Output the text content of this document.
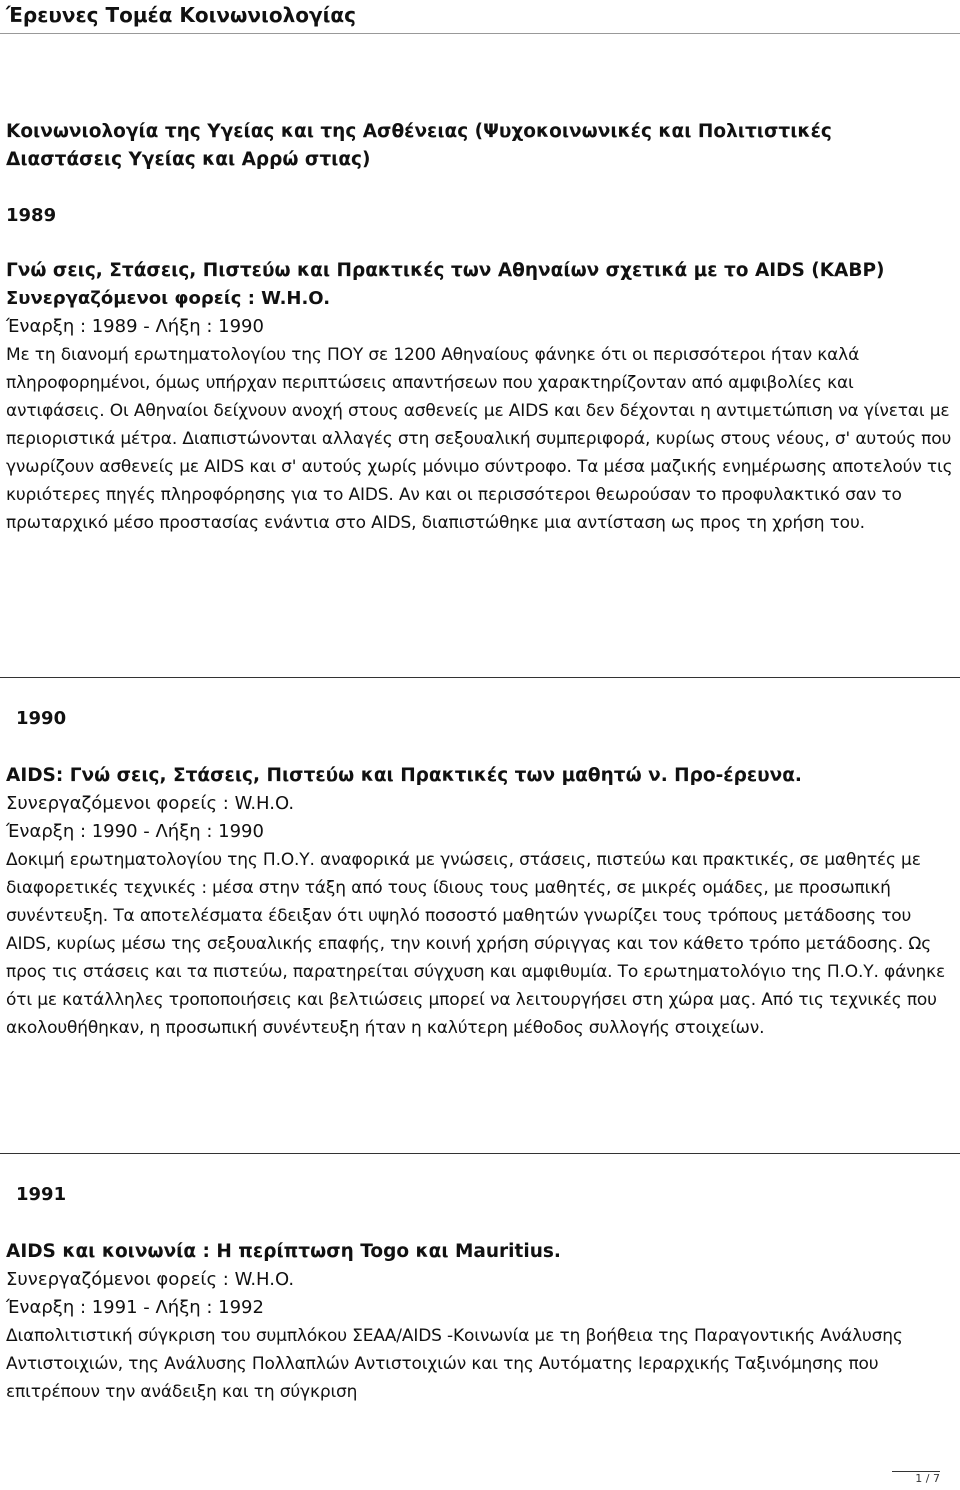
Έρευνες Τομέα Κοινωνιολογίας

Κοινωνιολογία της Υγείας και της Ασθένειας (Ψυχοκοινωνικές και Πολιτιστικές Διαστάσεις Υγείας και Αρρώ στιας)

1989

Γνώ σεις, Στάσεις, Πιστεύω και Πρακτικές των Αθηναίων σχετικά με το AIDS (ΚΑΒΡ)

Συνεργαζόμενοι φορείς : W.H.O.

Έναρξη : 1989 - Λήξη : 1990

Με τη διανομή ερωτηματολογίου της ΠΟΥ σε 1200 Αθηναίους φάνηκε ότι οι περισσότεροι ήταν καλά πληροφορημένοι, όμως υπήρχαν περιπτώσεις απαντήσεων που χαρακτηρίζονταν από αμφιβολίες και αντιφάσεις. Οι Αθηναίοι δείχνουν ανοχή στους ασθενείς με AIDS και δεν δέχονται η αντιμετώπιση να γίνεται με περιοριστικά μέτρα. Διαπιστώνονται αλλαγές στη σεξουαλική συμπεριφορά, κυρίως στους νέους, σ' αυτούς που γνωρίζουν ασθενείς με AIDS και σ' αυτούς χωρίς μόνιμο σύντροφο. Τα μέσα μαζικής ενημέρωσης αποτελούν τις κυριότερες πηγές πληροφόρησης για το AIDS. Αν και οι περισσότεροι θεωρούσαν το προφυλακτικό σαν το πρωταρχικό μέσο προστασίας ενάντια στο AIDS, διαπιστώθηκε μια αντίσταση ως προς τη χρήση του.

1990

AIDS: Γνώ σεις, Στάσεις, Πιστεύω και Πρακτικές των μαθητώ ν. Προ-έρευνα.

Συνεργαζόμενοι φορείς : W.H.O.

Έναρξη : 1990 - Λήξη : 1990

Δοκιμή ερωτηματολογίου της Π.Ο.Υ. αναφορικά με γνώσεις, στάσεις, πιστεύω και πρακτικές, σε μαθητές με διαφορετικές τεχνικές : μέσα στην τάξη από τους ίδιους τους μαθητές, σε μικρές ομάδες, με προσωπική συνέντευξη. Τα αποτελέσματα έδειξαν ότι υψηλό ποσοστό μαθητών γνωρίζει τους τρόπους μετάδοσης του AIDS, κυρίως μέσω της σεξουαλικής επαφής, την κοινή χρήση σύριγγας και τον κάθετο τρόπο μετάδοσης. Ως προς τις στάσεις και τα πιστεύω, παρατηρείται σύγχυση και αμφιθυμία. Το ερωτηματολόγιο της Π.Ο.Υ. φάνηκε ότι με κατάλληλες τροποποιήσεις και βελτιώσεις μπορεί να λειτουργήσει στη χώρα μας. Από τις τεχνικές που ακολουθήθηκαν, η προσωπική συνέντευξη ήταν η καλύτερη μέθοδος συλλογής στοιχείων.

1991

AIDS και κοινωνία : Η περίπτωση Togo και Mauritius.

Συνεργαζόμενοι φορείς : W.H.O.

Έναρξη : 1991 - Λήξη : 1992

Διαπολιτιστική σύγκριση του συμπλόκου ΣΕΑΑ/AIDS -Κοινωνία με τη βοήθεια της Παραγοντικής Ανάλυσης Αντιστοιχιών, της Ανάλυσης Πολλαπλών Αντιστοιχιών και της Αυτόματης Ιεραρχικής Ταξινόμησης που επιτρέπουν την ανάδειξη και τη σύγκριση

1 / 7
